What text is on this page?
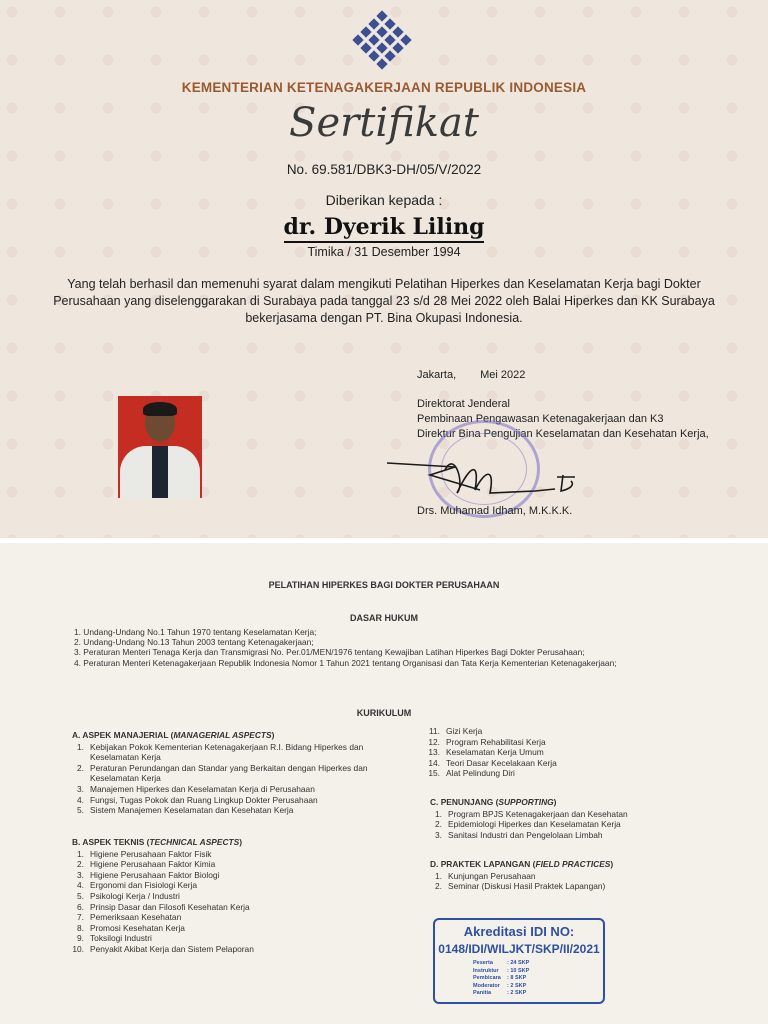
KEMENTERIAN KETENAGAKERJAAN REPUBLIK INDONESIA
Sertifikat
No. 69.581/DBK3-DH/05/V/2022
Diberikan kepada :
dr. Dyerik Liling
Timika / 31 Desember 1994
Yang telah berhasil dan memenuhi syarat dalam mengikuti Pelatihan Hiperkes dan Keselamatan Kerja bagi Dokter
Perusahaan yang diselenggarakan di Surabaya pada tanggal 23 s/d 28 Mei 2022 oleh Balai Hiperkes dan KK Surabaya
bekerjasama dengan PT. Bina Okupasi Indonesia.
Jakarta, Mei 2022
Direktorat Jenderal
Pembinaan Pengawasan Ketenagakerjaan dan K3
Direktur Bina Pengujian Keselamatan dan Kesehatan Kerja,
Drs. Muhamad Idham, M.K.K.K.
PELATIHAN HIPERKES BAGI DOKTER PERUSAHAAN
DASAR HUKUM
1. Undang-Undang No.1 Tahun 1970 tentang Keselamatan Kerja;
2. Undang-Undang No.13 Tahun 2003 tentang Ketenagakerjaan;
3. Peraturan Menteri Tenaga Kerja dan Transmigrasi No. Per.01/MEN/1976 tentang Kewajiban Latihan Hiperkes Bagi Dokter Perusahaan;
4. Peraturan Menteri Ketenagakerjaan Republik Indonesia Nomor 1 Tahun 2021 tentang Organisasi dan Tata Kerja Kementerian Ketenagakerjaan;
KURIKULUM
A. ASPEK MANAJERIAL (MANAGERIAL ASPECTS)
1. Kebijakan Pokok Kementerian Ketenagakerjaan R.I. Bidang Hiperkes dan Keselamatan Kerja
2. Peraturan Perundangan dan Standar yang Berkaitan dengan Hiperkes dan Keselamatan Kerja
3. Manajemen Hiperkes dan Keselamatan Kerja di Perusahaan
4. Fungsi, Tugas Pokok dan Ruang Lingkup Dokter Perusahaan
5. Sistem Manajemen Keselamatan dan Kesehatan Kerja
B. ASPEK TEKNIS (TECHNICAL ASPECTS)
1. Higiene Perusahaan Faktor Fisik
2. Higiene Perusahaan Faktor Kimia
3. Higiene Perusahaan Faktor Biologi
4. Ergonomi dan Fisiologi Kerja
5. Psikologi Kerja / Industri
6. Prinsip Dasar dan Filosofi Kesehatan Kerja
7. Pemeriksaan Kesehatan
8. Promosi Kesehatan Kerja
9. Toksilogi Industri
10. Penyakit Akibat Kerja dan Sistem Pelaporan
11. Gizi Kerja
12. Program Rehabilitasi Kerja
13. Keselamatan Kerja Umum
14. Teori Dasar Kecelakaan Kerja
15. Alat Pelindung Diri
C. PENUNJANG (SUPPORTING)
1. Program BPJS Ketenagakerjaan dan Kesehatan
2. Epidemiologi Hiperkes dan Keselamatan Kerja
3. Sanitasi Industri dan Pengelolaan Limbah
D. PRAKTEK LAPANGAN (FIELD PRACTICES)
1. Kunjungan Perusahaan
2. Seminar (Diskusi Hasil Praktek Lapangan)
Akreditasi IDI NO:
0148/IDI/WILJKT/SKP/II/2021
Peserta	: 24 SKP
Instruktur	: 10 SKP
Pembicara	: 8 SKP
Moderator	: 2 SKP
Panitia	: 2 SKP
